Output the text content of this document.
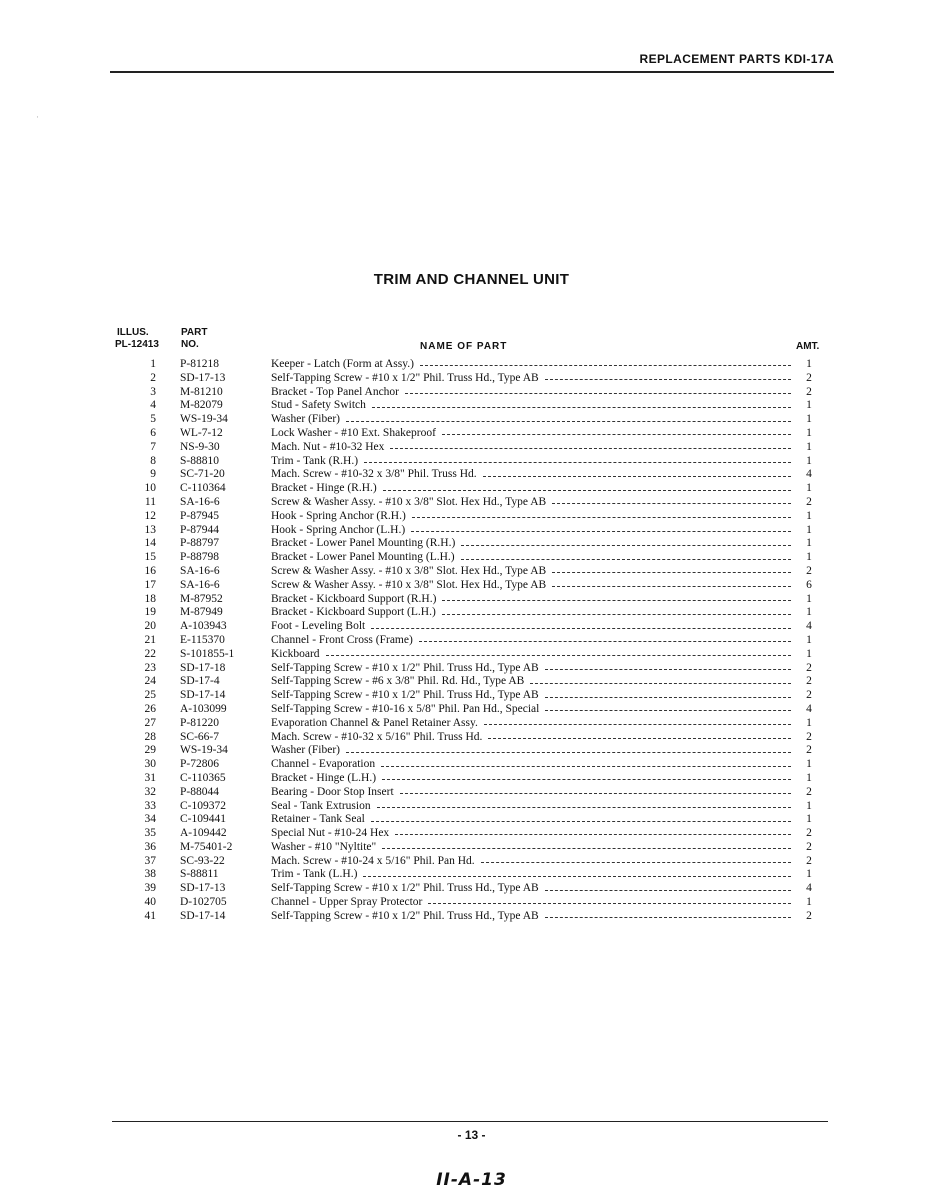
REPLACEMENT PARTS KDI-17A
·
TRIM AND CHANNEL UNIT
ILLUS.
PL-12413
PART
NO.	NAME OF PART	AMT.
1 P-81218	Keeper - Latch (Form at Assy.)	1
2 SD-17-13	Self-Tapping Screw - #10 x 1/2" Phil. Truss Hd., Type AB	2
3 M-81210	Bracket - Top Panel Anchor	2
4 M-82079	Stud - Safety Switch	1
5 WS-19-34	Washer (Fiber)	1
6 WL-7-12	Lock Washer - #10 Ext. Shakeproof	1
7 NS-9-30	Mach. Nut - #10-32 Hex	1
8 S-88810	Trim - Tank (R.H.)	1
9 SC-71-20	Mach. Screw - #10-32 x 3/8" Phil. Truss Hd.	4
10 C-110364	Bracket - Hinge (R.H.)	1
11 SA-16-6	Screw & Washer Assy. - #10 x 3/8" Slot. Hex Hd., Type AB	2
12 P-87945	Hook - Spring Anchor (R.H.)	1
13 P-87944	Hook - Spring Anchor (L.H.)	1
14 P-88797	Bracket - Lower Panel Mounting (R.H.)	1
15 P-88798	Bracket - Lower Panel Mounting (L.H.)	1
16 SA-16-6	Screw & Washer Assy. - #10 x 3/8" Slot. Hex Hd., Type AB	2
17 SA-16-6	Screw & Washer Assy. - #10 x 3/8" Slot. Hex Hd., Type AB	6
18 M-87952	Bracket - Kickboard Support (R.H.)	1
19 M-87949	Bracket - Kickboard Support (L.H.)	1
20 A-103943	Foot - Leveling Bolt	4
21 E-115370	Channel - Front Cross (Frame)	1
22 S-101855-1	Kickboard	1
23 SD-17-18	Self-Tapping Screw - #10 x 1/2" Phil. Truss Hd., Type AB	2
24 SD-17-4	Self-Tapping Screw - #6 x 3/8" Phil. Rd. Hd., Type AB	2
25 SD-17-14	Self-Tapping Screw - #10 x 1/2" Phil. Truss Hd., Type AB	2
26 A-103099	Self-Tapping Screw - #10-16 x 5/8" Phil. Pan Hd., Special	4
27 P-81220	Evaporation Channel & Panel Retainer Assy.	1
28 SC-66-7	Mach. Screw - #10-32 x 5/16" Phil. Truss Hd.	2
29 WS-19-34	Washer (Fiber)	2
30 P-72806	Channel - Evaporation	1
31 C-110365	Bracket - Hinge (L.H.)	1
32 P-88044	Bearing - Door Stop Insert	2
33 C-109372	Seal - Tank Extrusion	1
34 C-109441	Retainer - Tank Seal	1
35 A-109442	Special Nut - #10-24 Hex	2
36 M-75401-2	Washer - #10 "Nyltite"	2
37 SC-93-22	Mach. Screw - #10-24 x 5/16" Phil. Pan Hd.	2
38 S-88811	Trim - Tank (L.H.)	1
39 SD-17-13	Self-Tapping Screw - #10 x 1/2" Phil. Truss Hd., Type AB	4
40 D-102705	Channel - Upper Spray Protector	1
41 SD-17-14	Self-Tapping Screw - #10 x 1/2" Phil. Truss Hd., Type AB	2
- 13 -
II-A-13
